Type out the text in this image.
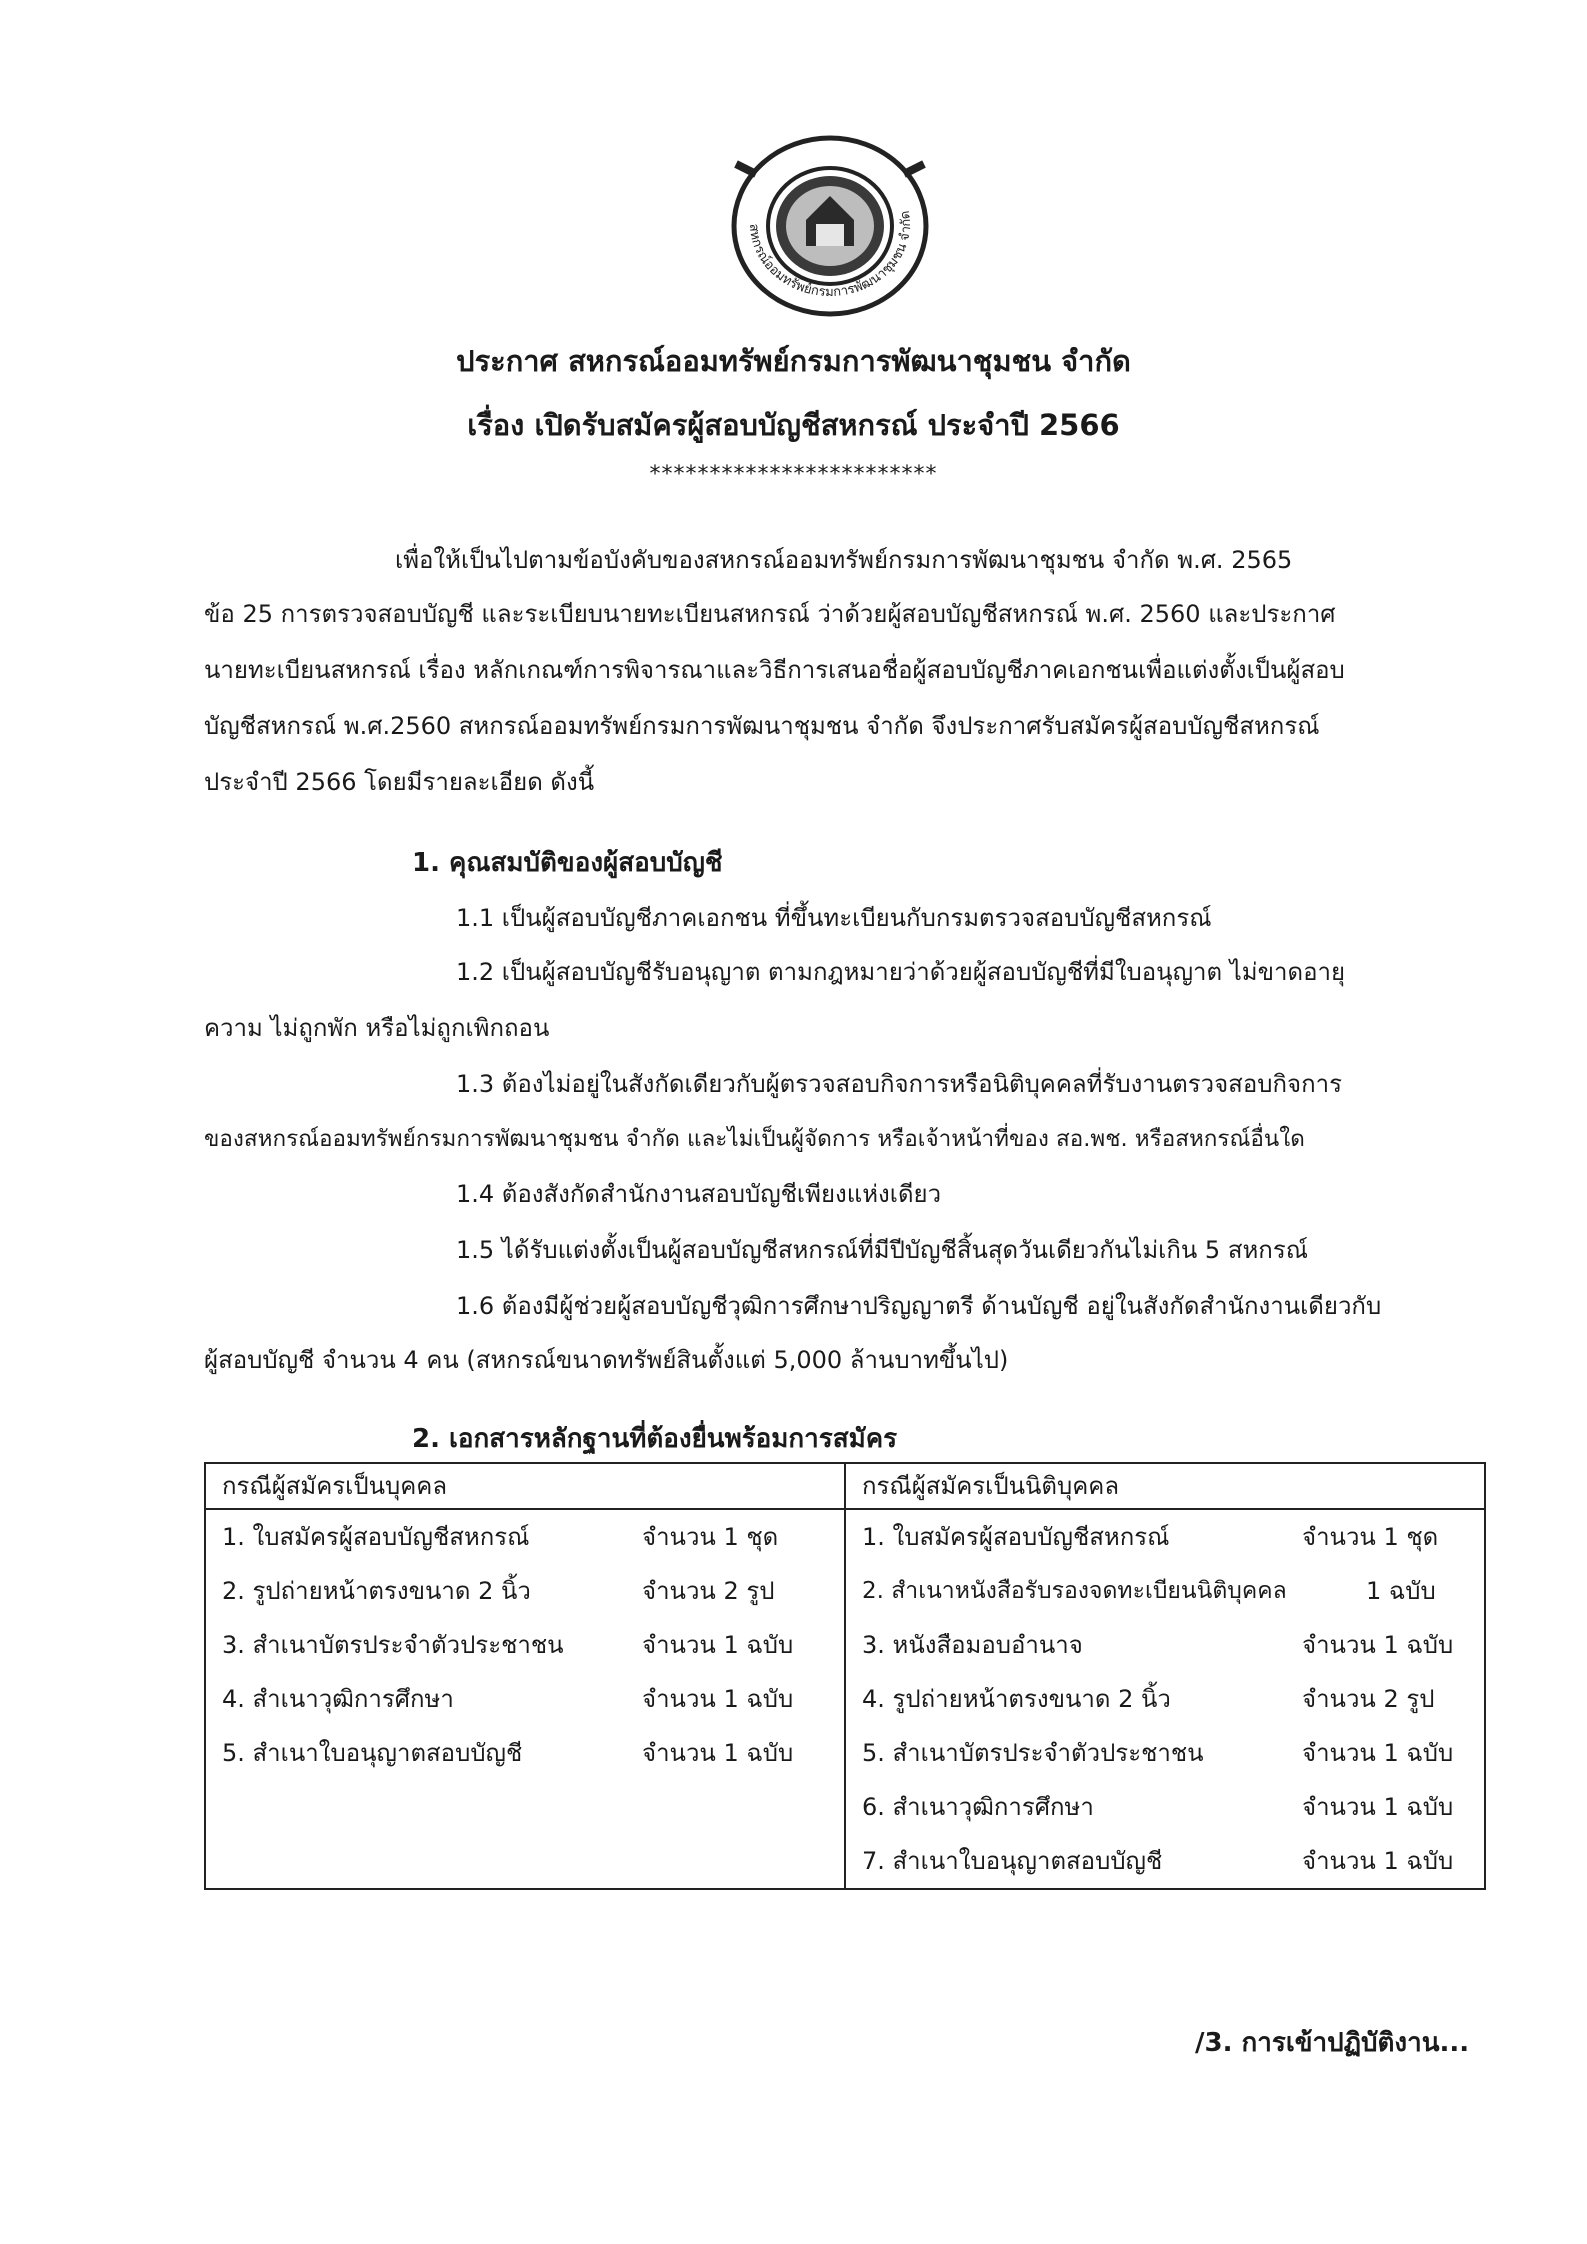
สหกรณ์ออมทรัพย์กรมการพัฒนาชุมชน จำกัด
ประกาศ สหกรณ์ออมทรัพย์กรมการพัฒนาชุมชน จำกัด
เรื่อง เปิดรับสมัครผู้สอบบัญชีสหกรณ์ ประจำปี 2566
************************
เพื่อให้เป็นไปตามข้อบังคับของสหกรณ์ออมทรัพย์กรมการพัฒนาชุมชน จำกัด พ.ศ. 2565
ข้อ 25 การตรวจสอบบัญชี และระเบียบนายทะเบียนสหกรณ์ ว่าด้วยผู้สอบบัญชีสหกรณ์ พ.ศ. 2560 และประกาศ
นายทะเบียนสหกรณ์ เรื่อง หลักเกณฑ์การพิจารณาและวิธีการเสนอชื่อผู้สอบบัญชีภาคเอกชนเพื่อแต่งตั้งเป็นผู้สอบ
บัญชีสหกรณ์ พ.ศ.2560 สหกรณ์ออมทรัพย์กรมการพัฒนาชุมชน จำกัด จึงประกาศรับสมัครผู้สอบบัญชีสหกรณ์
ประจำปี 2566 โดยมีรายละเอียด ดังนี้
1. คุณสมบัติของผู้สอบบัญชี
1.1 เป็นผู้สอบบัญชีภาคเอกชน ที่ขึ้นทะเบียนกับกรมตรวจสอบบัญชีสหกรณ์
1.2 เป็นผู้สอบบัญชีรับอนุญาต ตามกฎหมายว่าด้วยผู้สอบบัญชีที่มีใบอนุญาต ไม่ขาดอายุ
ความ ไม่ถูกพัก หรือไม่ถูกเพิกถอน
1.3 ต้องไม่อยู่ในสังกัดเดียวกับผู้ตรวจสอบกิจการหรือนิติบุคคลที่รับงานตรวจสอบกิจการ
ของสหกรณ์ออมทรัพย์กรมการพัฒนาชุมชน จำกัด และไม่เป็นผู้จัดการ หรือเจ้าหน้าที่ของ สอ.พช. หรือสหกรณ์อื่นใด
1.4 ต้องสังกัดสำนักงานสอบบัญชีเพียงแห่งเดียว
1.5 ได้รับแต่งตั้งเป็นผู้สอบบัญชีสหกรณ์ที่มีปีบัญชีสิ้นสุดวันเดียวกันไม่เกิน 5 สหกรณ์
1.6 ต้องมีผู้ช่วยผู้สอบบัญชีวุฒิการศึกษาปริญญาตรี ด้านบัญชี อยู่ในสังกัดสำนักงานเดียวกับ
ผู้สอบบัญชี จำนวน 4 คน (สหกรณ์ขนาดทรัพย์สินตั้งแต่ 5,000 ล้านบาทขึ้นไป)
2. เอกสารหลักฐานที่ต้องยื่นพร้อมการสมัคร
กรณีผู้สมัครเป็นบุคคล
1. ใบสมัครผู้สอบบัญชีสหกรณ์	จำนวน 1 ชุด
2. รูปถ่ายหน้าตรงขนาด 2 นิ้ว	จำนวน 2 รูป
3. สำเนาบัตรประจำตัวประชาชน	จำนวน 1 ฉบับ
4. สำเนาวุฒิการศึกษา	จำนวน 1 ฉบับ
5. สำเนาใบอนุญาตสอบบัญชี	จำนวน 1 ฉบับ

กรณีผู้สมัครเป็นนิติบุคคล
1. ใบสมัครผู้สอบบัญชีสหกรณ์	จำนวน 1 ชุด
2. สำเนาหนังสือรับรองจดทะเบียนนิติบุคคล	1 ฉบับ
3. หนังสือมอบอำนาจ	จำนวน 1 ฉบับ
4. รูปถ่ายหน้าตรงขนาด 2 นิ้ว	จำนวน 2 รูป
5. สำเนาบัตรประจำตัวประชาชน	จำนวน 1 ฉบับ
6. สำเนาวุฒิการศึกษา	จำนวน 1 ฉบับ
7. สำเนาใบอนุญาตสอบบัญชี	จำนวน 1 ฉบับ
/3. การเข้าปฏิบัติงาน...
